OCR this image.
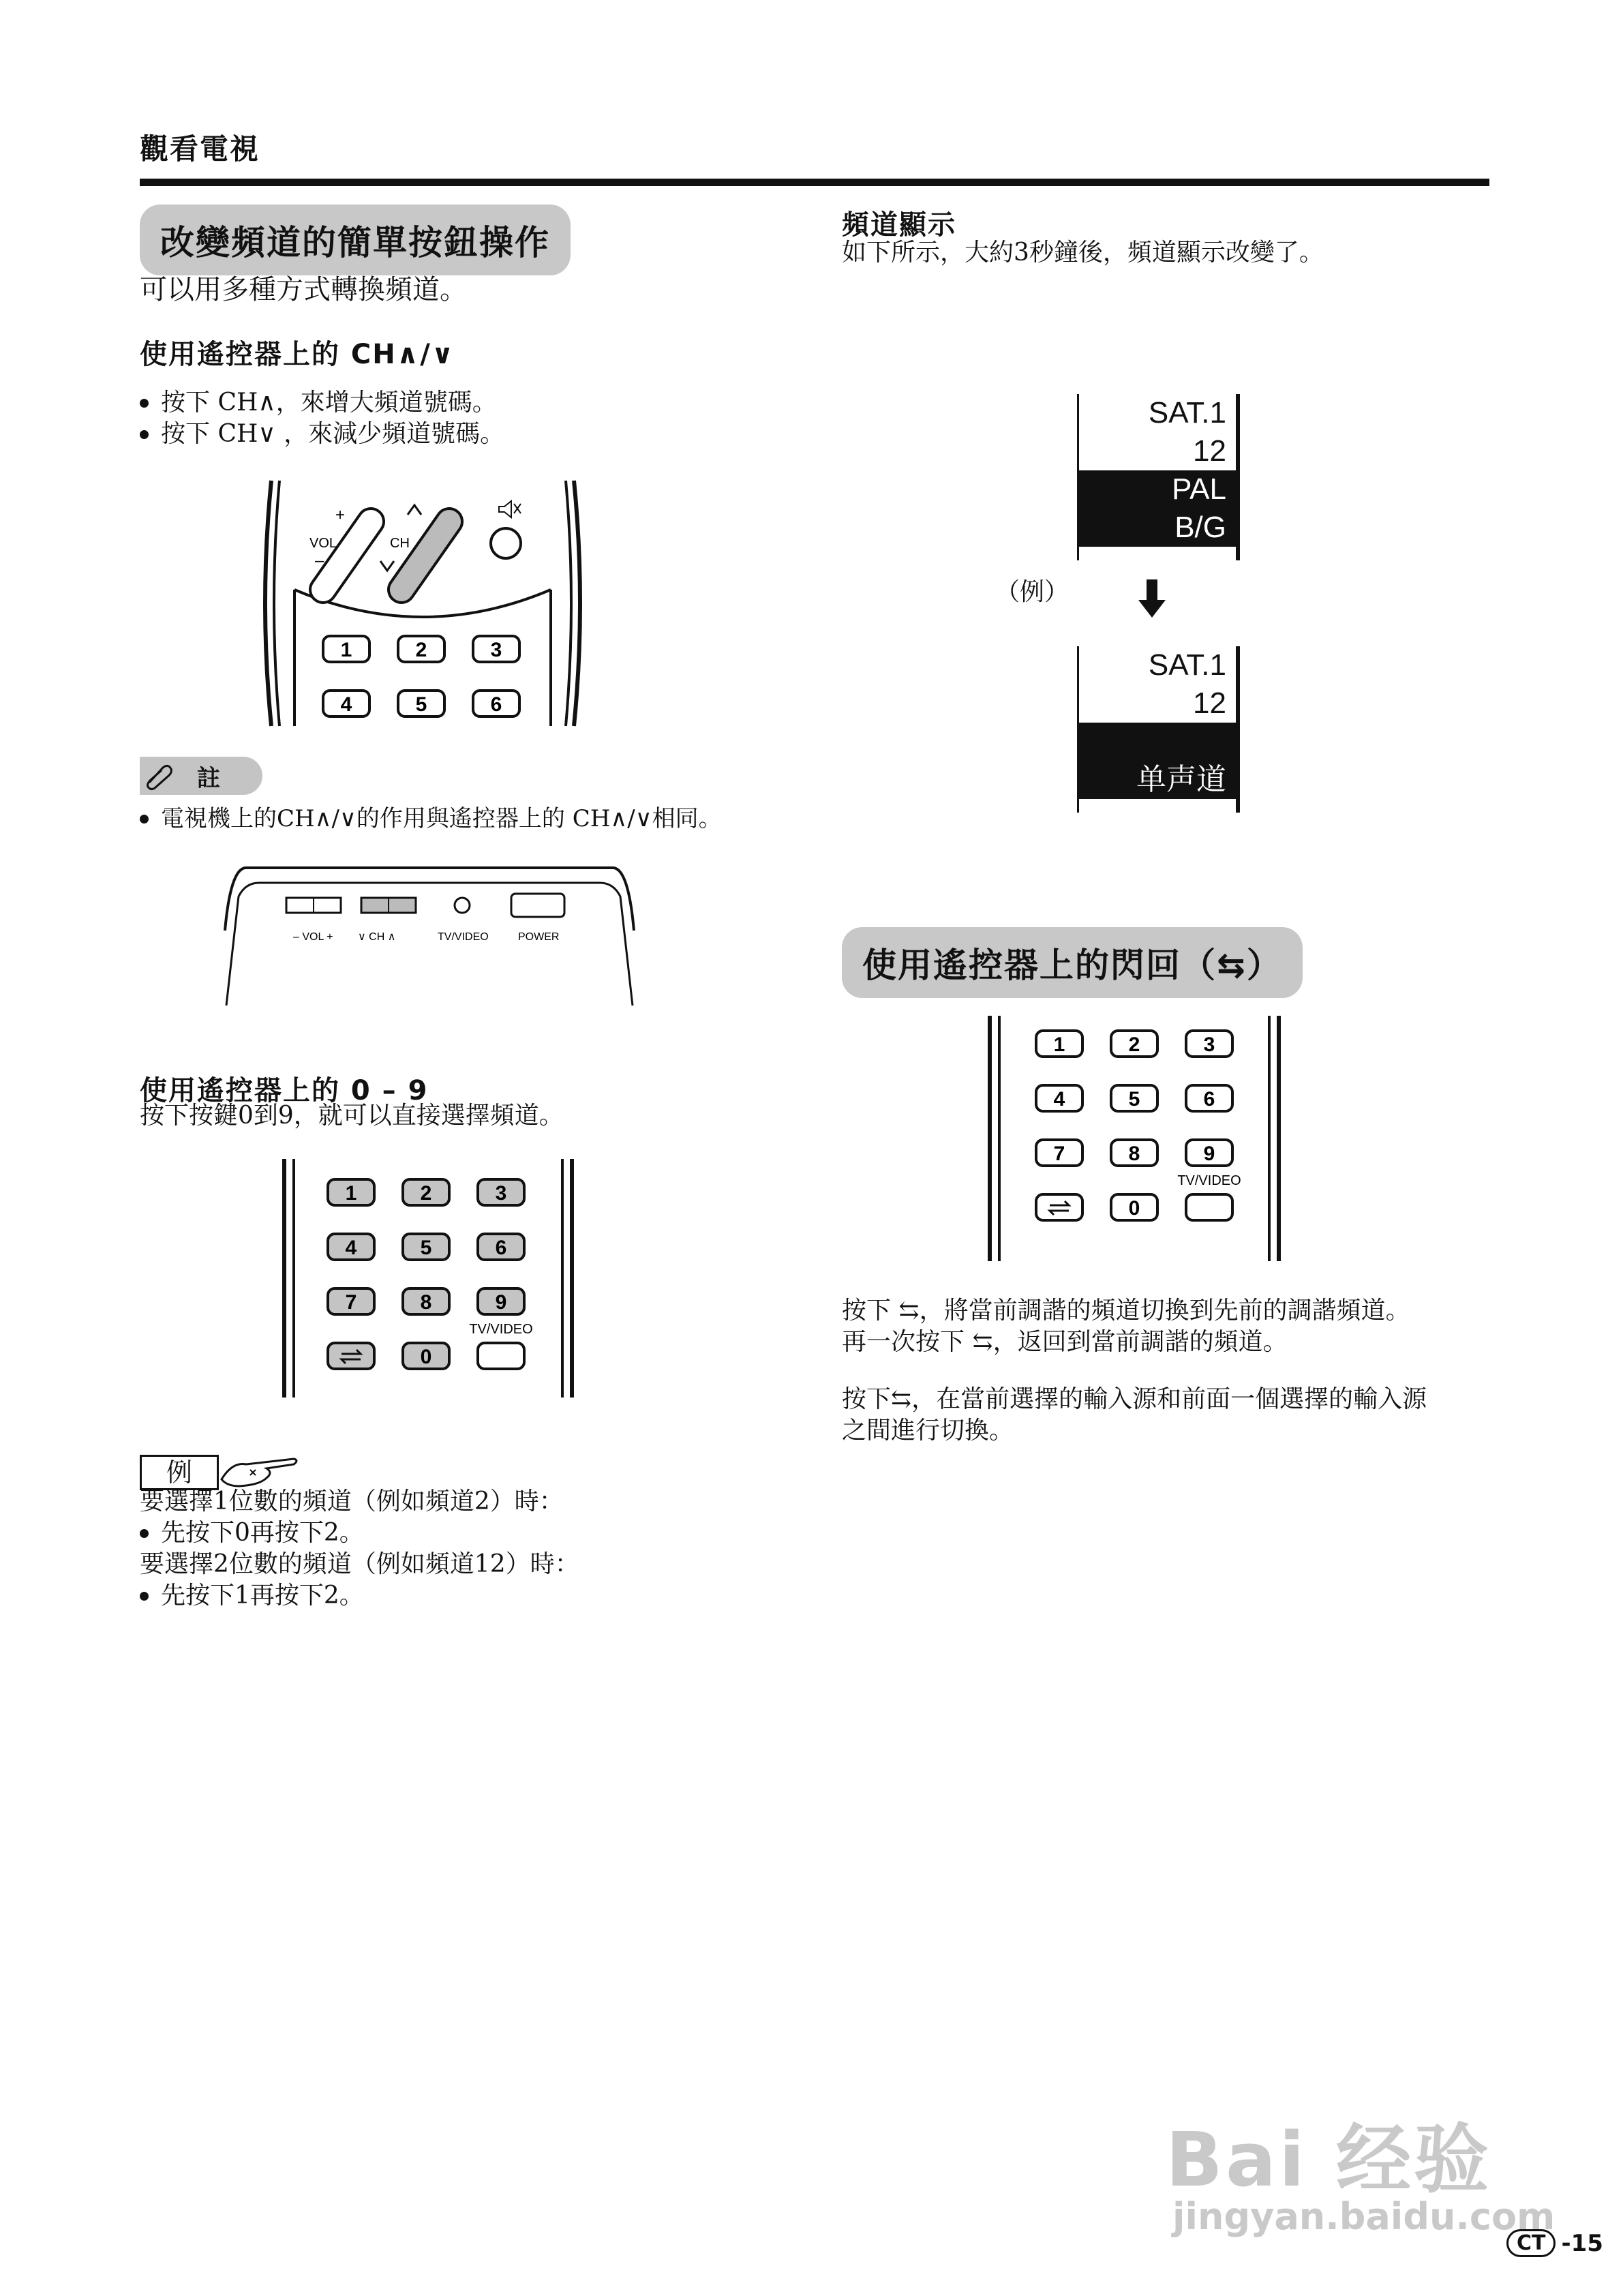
觀看電視
改變頻道的簡單按鈕操作
可以用多種方式轉換頻道。
使用遙控器上的 CH∧/∨
按下 CH∧，來增大頻道號碼。
按下 CH∨ ，來減少頻道號碼。
+
VOL
–
CH
1	2	3
4	5	6
註
電視機上的CH∧/∨的作用與遙控器上的 CH∧/∨相同。
– VOL + ∨ CH ∧	TV/VIDEO	POWER
使用遙控器上的 0 – 9
按下按鍵0到9，就可以直接選擇頻道。
1	2	3
4	5	6
7	8	9
0
TV/VIDEO
例
要選擇1位數的頻道（例如頻道2）時：
先按下0再按下2。
要選擇2位數的頻道（例如頻道12）時：
先按下1再按下2。
頻道顯示
如下所示，大約3秒鐘後，頻道顯示改變了。
SAT.1
12
PAL
B/G
（例）
SAT.1
12
单声道
使用遙控器上的閃回（⇆）
1	2	3
4	5	6
7	8	9
0
TV/VIDEO
按下 ⇆，將當前調諧的頻道切換到先前的調諧頻道。
再一次按下 ⇆，返回到當前調諧的頻道。
按下⇆，在當前選擇的輸入源和前面一個選擇的輸入源
之間進行切換。
Bai 经验
jingyan.baidu.com
CT -15
